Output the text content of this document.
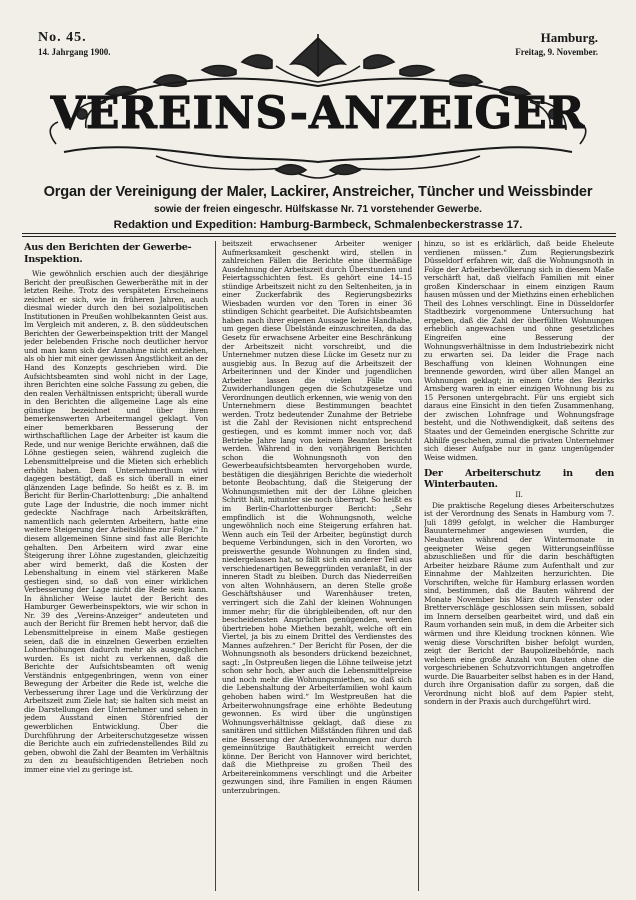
No. 45.
14. Jahrgang 1900.
Hamburg.
Freitag, 9. November.
VEREINS-ANZEIGER
Organ der Vereinigung der Maler, Lackirer, Anstreicher, Tüncher und Weissbinder
sowie der freien eingeschr. Hülfskasse Nr. 71 vorstehender Gewerbe.
Redaktion und Expedition: Hamburg-Barmbeck, Schmalenbeckerstrasse 17.
Aus den Berichten der Gewerbe-Inspektion.

Wie gewöhnlich erschien auch der diesjährige Bericht der preußischen Gewerberäthe mit in der letzten Reihe. Trotz des verspäteten Erscheinens zeichnet er sich, wie in früheren Jahren, auch diesmal wieder durch den bei sozialpolitischen Institutionen in Preußen wohlbekannten Geist aus. Im Vergleich mit anderen, z. B. den süddeutschen Berichten der Gewerbeinspektion tritt der Mangel jeder belebenden Frische noch deutlicher hervor und man kann sich der Annahme nicht entziehen, als ob hier mit einer gewissen Ängstlichkeit an der Hand des Konzepts geschrieben wird. Die Aufsichtsbeamten sind wohl nicht in der Lage, ihren Berichten eine solche Fassung zu geben, die den realen Verhältnissen entspricht; überall wurde in den Berichten die allgemeine Lage als eine günstige bezeichnet und über ihren bemerkenswerten Arbeitermangel geklagt. Von einer bemerkbaren Besserung der wirthschaftlichen Lage der Arbeiter ist kaum die Rede, und nur wenige Berichte erwähnen, daß die Löhne gestiegen seien, während zugleich die Lebensmittelpreise und die Mieten sich erheblich erhöht haben. Dem Unternehmerthum wird dagegen bestätigt, daß es sich überall in einer glänzenden Lage befinde. So heißt es z. B. im Bericht für Berlin-Charlottenburg: „Die anhaltend gute Lage der Industrie, die noch immer nicht gedeckte Nachfrage nach Arbeitskräften, namentlich nach gelernten Arbeitern, hatte eine weitere Steigerung der Arbeitslöhne zur Folge.“ In diesem allgemeinen Sinne sind fast alle Berichte gehalten. Den Arbeitern wird zwar eine Steigerung ihrer Löhne zugestanden, gleichzeitig aber wird bemerkt, daß die Kosten der Lebenshaltung in einem viel stärkeren Maße gestiegen sind, so daß von einer wirklichen Verbesserung der Lage nicht die Rede sein kann. In ähnlicher Weise lautet der Bericht des Hamburger Gewerbeinspektors, wie wir schon in Nr. 39 des „Vereins-Anzeiger“ andeuteten und auch der Bericht für Bremen hebt hervor, daß die Lebensmittelpreise in einem Maße gestiegen seien, daß die in einzelnen Gewerben erzielten Lohnerhöhungen dadurch mehr als ausgeglichen wurden. Es ist nicht zu verkennen, daß die Berichte der Aufsichtsbeamten oft wenig Verständnis entgegenbringen, wenn von einer Bewegung der Arbeiter die Rede ist, welche die Verbesserung ihrer Lage und die Verkürzung der Arbeitszeit zum Ziele hat; sie halten sich meist an die Darstellungen der Unternehmer und sehen in jedem Ausstand einen Störenfried der gewerblichen Entwicklung. Über die Durchführung der Arbeiterschutzgesetze wissen die Berichte auch ein zufriedenstellendes Bild zu geben, obwohl die Zahl der Beamten im Verhältnis zu den zu beaufsichtigenden Betrieben noch immer eine viel zu geringe ist.

beitszeit erwachsener Arbeiter weniger Aufmerksamkeit geschenkt wird, stellen in zahlreichen Fällen die Berichte eine übermäßige Ausdehnung der Arbeitszeit durch Überstunden und Feiertagsschichten fest. Es gehört eine 14–15 stündige Arbeitszeit nicht zu den Seltenheiten, ja in einer Zuckerfabrik des Regierungsbezirks Wiesbaden wurden vor den Toren in einer 36 stündigen Schicht gearbeitet. Die Aufsichtsbeamten haben nach ihrer eigenen Aussage keine Handhabe, um gegen diese Übelstände einzuschreiten, da das Gesetz für erwachsene Arbeiter eine Beschränkung der Arbeitszeit nicht vorschreibt, und die Unternehmer nutzen diese Lücke im Gesetz nur zu ausgiebig aus. In Bezug auf die Arbeitszeit der Arbeiterinnen und der Kinder und jugendlichen Arbeiter lassen die vielen Fälle von Zuwiderhandlungen gegen die Schutzgesetze und Verordnungen deutlich erkennen, wie wenig von den Unternehmern diese Bestimmungen beachtet werden. Trotz bedeutender Zunahme der Betriebe ist die Zahl der Revisionen nicht entsprechend gestiegen, und es kommt immer noch vor, daß Betriebe Jahre lang von keinem Beamten besucht werden. Während in den vorjährigen Berichten schon die Wohnungsnoth von den Gewerbeaufsichtsbeamten hervorgehoben wurde, bestätigen die diesjährigen Berichte die wiederholt betonte Beobachtung, daß die Steigerung der Wohnungsmiethen mit der der Löhne gleichen Schritt hält, mitunter sie noch überragt. So heißt es im Berlin-Charlottenburger Bericht: „Sehr empfindlich ist die Wohnungsnoth, welche ungewöhnlich noch eine Steigerung erfahren hat. Wenn auch ein Teil der Arbeiter, begünstigt durch bequeme Verbindungen, sich in den Vororten, wo preiswerthe gesunde Wohnungen zu finden sind, niedergelassen hat, so fällt sich ein anderer Teil aus verschiedenartigen Beweggründen veranlaßt, in der inneren Stadt zu bleiben. Durch das Niederreißen von alten Wohnhäusern, an deren Stelle große Geschäftshäuser und Warenhäuser treten, verringert sich die Zahl der kleinen Wohnungen immer mehr; für die übrigbleibenden, oft nur den bescheidensten Ansprüchen genügenden, werden übertrieben hohe Miethen bezahlt, welche oft ein Viertel, ja bis zu einem Drittel des Verdienstes des Mannes aufzehren.“ Der Bericht für Posen, der die Wohnungsnoth als besonders drückend bezeichnet, sagt: „In Ostpreußen liegen die Löhne teilweise jetzt schon sehr hoch, aber auch die Lebensmittelpreise und noch mehr die Wohnungsmiethen, so daß sich die Lebenshaltung der Arbeiterfamilien wohl kaum gehoben haben wird.“ Im Westpreußen hat die Arbeiterwohnungsfrage eine erhöhte Bedeutung gewonnen. Es wird über die ungünstigen Wohnungsverhältnisse geklagt, daß diese zu sanitären und sittlichen Mißständen führen und daß eine Besserung der Arbeiterwohnungen nur durch gemeinnützige Bauthätigkeit erreicht werden könne. Der Bericht von Hannover wird berichtet, daß die Miethpreise zu großen Theil des Arbeitereinkommens verschlingt und die Arbeiter gezwungen sind, ihre Familien in engen Räumen unterzubringen.

hinzu, so ist es erklärlich, daß beide Eheleute verdienen müssen.“ Zum Regierungsbezirk Düsseldorf erfahren wir, daß die Wohnungsnoth in Folge der Arbeiterbevölkerung sich in diesem Maße verschärft hat, daß vielfach Familien mit einer großen Kinderschaar in einem einzigen Raum hausen müssen und der Miethzins einen erheblichen Theil des Lohnes verschlingt. Eine in Düsseldorfer Stadtbezirk vorgenommene Untersuchung hat ergeben, daß die Zahl der überfüllten Wohnungen erheblich angewachsen und ohne gesetzliches Eingreifen eine Besserung der Wohnungsverhältnisse in dem Industriebezirk nicht zu erwarten sei. Da leider die Frage nach Beschaffung von kleinen Wohnungen eine brennende geworden, wird über allen Mangel an Wohnungen geklagt; in einem Orte des Bezirks Arnsberg waren in einer einzigen Wohnung bis zu 15 Personen untergebracht. Für uns ergiebt sich daraus eine Einsicht in den tiefen Zusammenhang, der zwischen Lohnfrage und Wohnungsfrage besteht, und die Nothwendigkeit, daß seitens des Staates und der Gemeinden energische Schritte zur Abhilfe geschehen, zumal die privaten Unternehmer sich dieser Aufgabe nur in ganz ungenügender Weise widmen.

Der Arbeiterschutz in den Winterbauten.
II.

Die praktische Regelung dieses Arbeiterschutzes ist der Verordnung des Senats in Hamburg vom 7. Juli 1899 gefolgt, in welcher die Hamburger Bauunternehmer angewiesen wurden, die Neubauten während der Wintermonate in geeigneter Weise gegen Witterungseinflüsse abzuschließen und für die darin beschäftigten Arbeiter heizbare Räume zum Aufenthalt und zur Einnahme der Mahlzeiten herzurichten. Die Vorschriften, welche für Hamburg erlassen worden sind, bestimmen, daß die Bauten während der Monate November bis März durch Fenster oder Bretterverschläge geschlossen sein müssen, sobald im Innern derselben gearbeitet wird, und daß ein Raum vorhanden sein muß, in dem die Arbeiter sich wärmen und ihre Kleidung trocknen können. Wie wenig diese Vorschriften bisher befolgt wurden, zeigt der Bericht der Baupolizeibehörde, nach welchem eine große Anzahl von Bauten ohne die vorgeschriebenen Schutzvorrichtungen angetroffen wurde. Die Bauarbeiter selbst haben es in der Hand, durch ihre Organisation dafür zu sorgen, daß die Verordnung nicht bloß auf dem Papier steht, sondern in der Praxis auch durchgeführt wird.
